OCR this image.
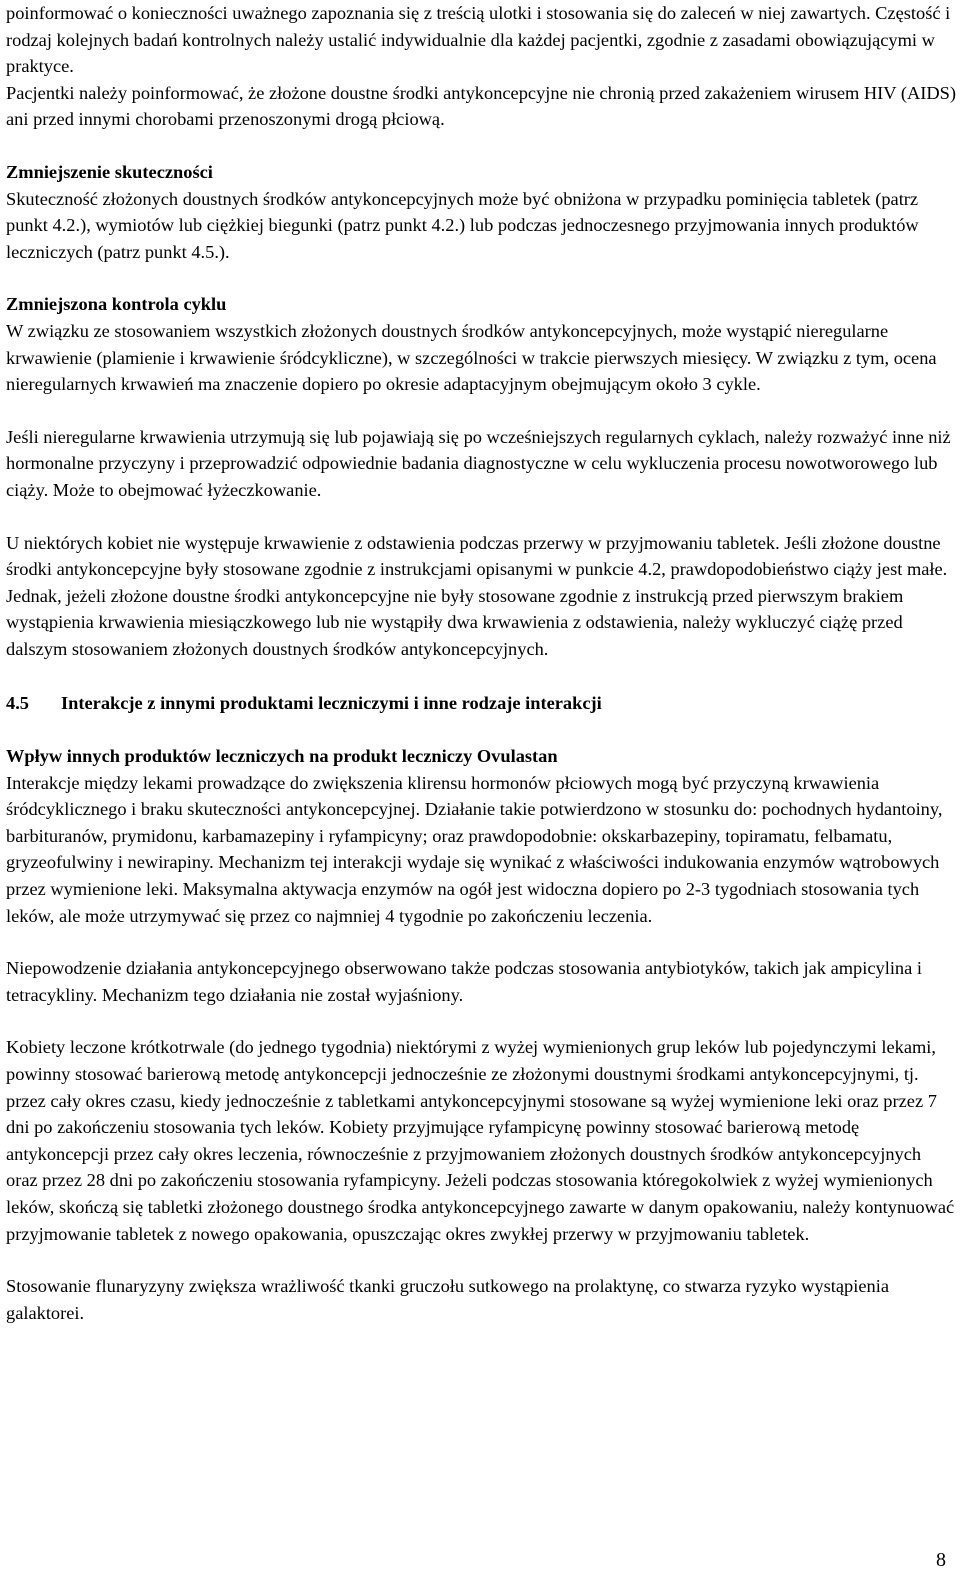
poinformować o konieczności uważnego zapoznania się z treścią ulotki i stosowania się do zaleceń w niej zawartych. Częstość i rodzaj kolejnych badań kontrolnych należy ustalić indywidualnie dla każdej pacjentki, zgodnie z zasadami obowiązującymi w praktyce.

Pacjentki należy poinformować, że złożone doustne środki antykoncepcyjne nie chronią przed zakażeniem wirusem HIV (AIDS) ani przed innymi chorobami przenoszonymi drogą płciową.

Zmniejszenie skuteczności

Skuteczność złożonych doustnych środków antykoncepcyjnych może być obniżona w przypadku pominięcia tabletek (patrz punkt 4.2.), wymiotów lub ciężkiej biegunki (patrz punkt 4.2.) lub podczas jednoczesnego przyjmowania innych produktów leczniczych (patrz punkt 4.5.).

Zmniejszona kontrola cyklu

W związku ze stosowaniem wszystkich złożonych doustnych środków antykoncepcyjnych, może wystąpić nieregularne krwawienie (plamienie i krwawienie śródcykliczne), w szczególności w trakcie pierwszych miesięcy. W związku z tym, ocena nieregularnych krwawień ma znaczenie dopiero po okresie adaptacyjnym obejmującym około 3 cykle.

Jeśli nieregularne krwawienia utrzymują się lub pojawiają się po wcześniejszych regularnych cyklach, należy rozważyć inne niż hormonalne przyczyny i przeprowadzić odpowiednie badania diagnostyczne w celu wykluczenia procesu nowotworowego lub ciąży. Może to obejmować łyżeczkowanie.

U niektórych kobiet nie występuje krwawienie z odstawienia podczas przerwy w przyjmowaniu tabletek. Jeśli złożone doustne środki antykoncepcyjne były stosowane zgodnie z instrukcjami opisanymi w punkcie 4.2, prawdopodobieństwo ciąży jest małe. Jednak, jeżeli złożone doustne środki antykoncepcyjne nie były stosowane zgodnie z instrukcją przed pierwszym brakiem wystąpienia krwawienia miesiączkowego lub nie wystąpiły dwa krwawienia z odstawienia, należy wykluczyć ciążę przed dalszym stosowaniem złożonych doustnych środków antykoncepcyjnych.

4.5	Interakcje z innymi produktami leczniczymi i inne rodzaje interakcji

Wpływ innych produktów leczniczych na produkt leczniczy Ovulastan

Interakcje między lekami prowadzące do zwiększenia klirensu hormonów płciowych mogą być przyczyną krwawienia śródcyklicznego i braku skuteczności antykoncepcyjnej. Działanie takie potwierdzono w stosunku do: pochodnych hydantoiny, barbituranów, prymidonu, karbamazepiny i ryfampicyny; oraz prawdopodobnie: okskarbazepiny, topiramatu, felbamatu, gryzeofulwiny i newirapiny. Mechanizm tej interakcji wydaje się wynikać z właściwości indukowania enzymów wątrobowych przez wymienione leki. Maksymalna aktywacja enzymów na ogół jest widoczna dopiero po 2-3 tygodniach stosowania tych leków, ale może utrzymywać się przez co najmniej 4 tygodnie po zakończeniu leczenia.

Niepowodzenie działania antykoncepcyjnego obserwowano także podczas stosowania antybiotyków, takich jak ampicylina i tetracykliny. Mechanizm tego działania nie został wyjaśniony.

Kobiety leczone krótkotrwale (do jednego tygodnia) niektórymi z wyżej wymienionych grup leków lub pojedynczymi lekami, powinny stosować barierową metodę antykoncepcji jednocześnie ze złożonymi doustnymi środkami antykoncepcyjnymi, tj. przez cały okres czasu, kiedy jednocześnie z tabletkami antykoncepcyjnymi stosowane są wyżej wymienione leki oraz przez 7 dni po zakończeniu stosowania tych leków. Kobiety przyjmujące ryfampicynę powinny stosować barierową metodę antykoncepcji przez cały okres leczenia, równocześnie z przyjmowaniem złożonych doustnych środków antykoncepcyjnych oraz przez 28 dni po zakończeniu stosowania ryfampicyny. Jeżeli podczas stosowania któregokolwiek z wyżej wymienionych leków, skończą się tabletki złożonego doustnego środka antykoncepcyjnego zawarte w danym opakowaniu, należy kontynuować przyjmowanie tabletek z nowego opakowania, opuszczając okres zwykłej przerwy w przyjmowaniu tabletek.

Stosowanie flunaryzyny zwiększa wrażliwość tkanki gruczołu sutkowego na prolaktynę, co stwarza ryzyko wystąpienia galaktorei.

8
